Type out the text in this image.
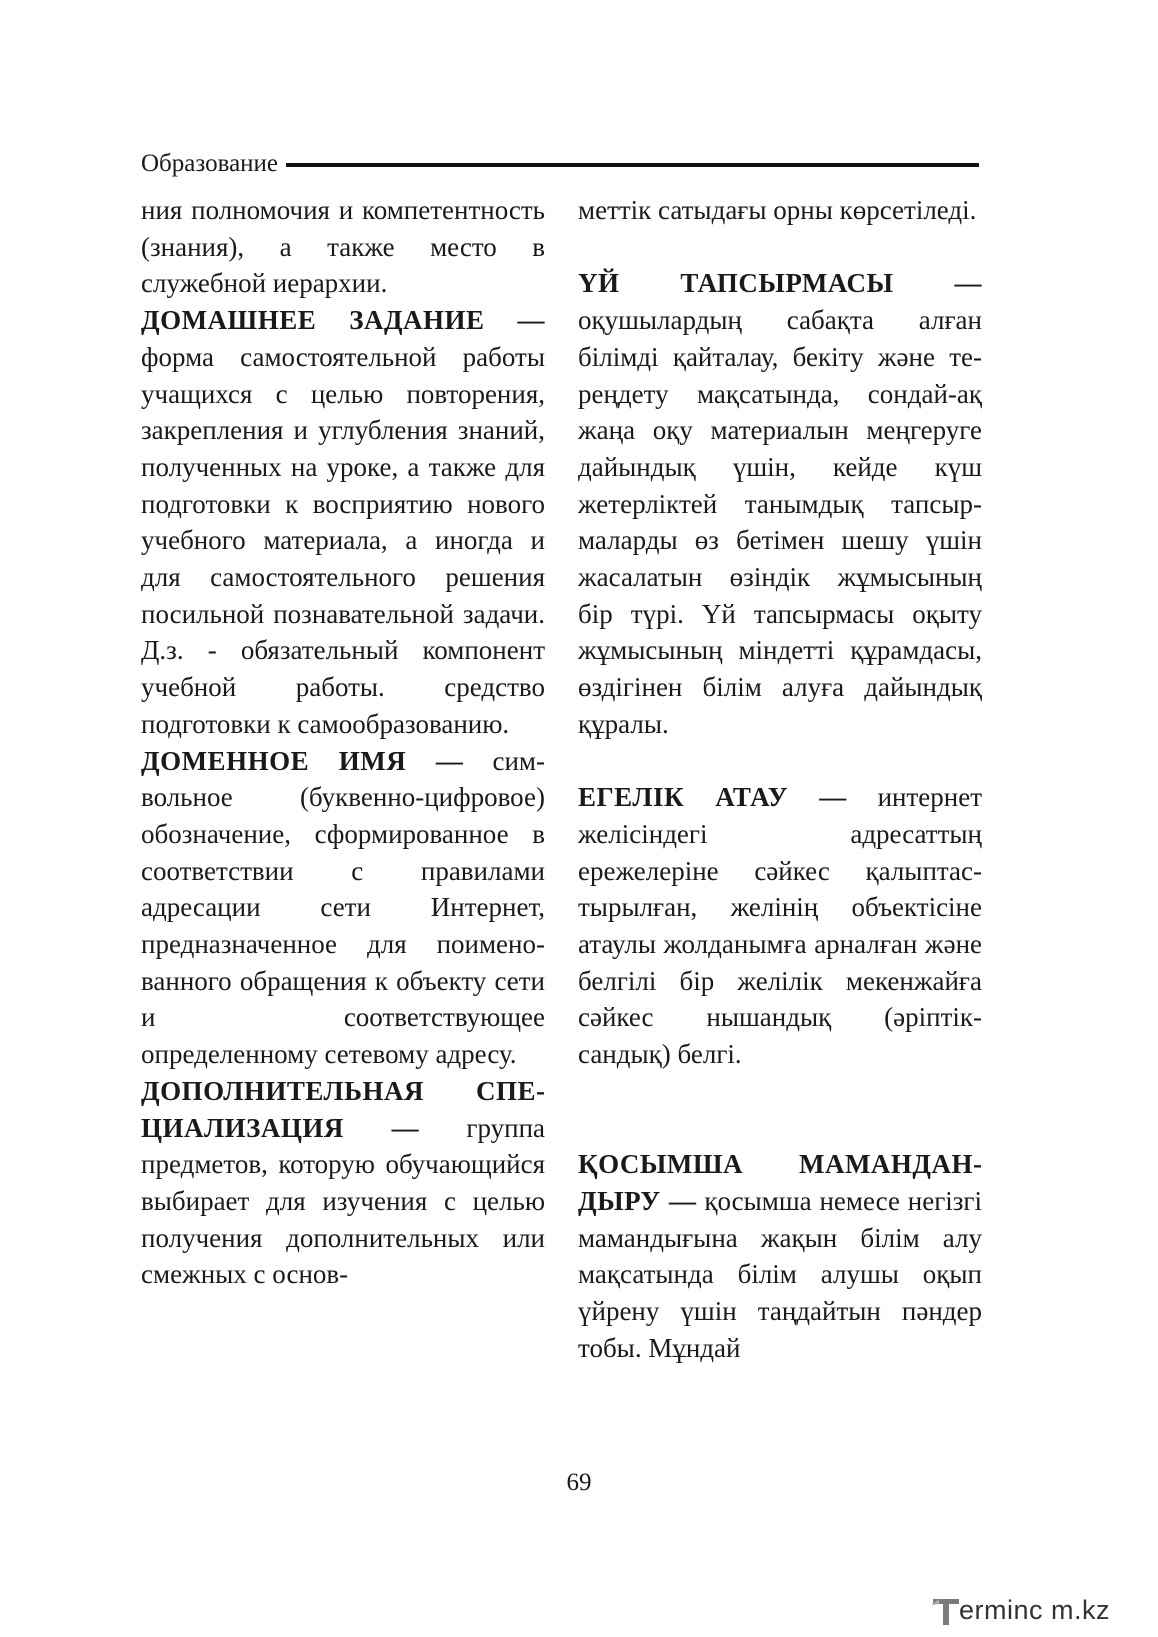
Образование

ния полномочия и компетентность (знания), а также место в служебной иерархии.

ДОМАШНЕЕ ЗАДАНИЕ — форма самостоятельной работы учащихся с целью повторения, закрепления и углубления знаний, полученных на уроке, а также для подготовки к восприятию нового учебного материала, а иногда и для самостоятельного решения посильной познавательной задачи. Д.з. - обязательный компонент учебной работы. средство подготовки к самообразованию.

ДОМЕННОЕ ИМЯ — символьное (буквенно-цифровое) обозначение, сформированное в соответствии с правилами адресации сети Интернет, предназначенное для поименованного обращения к объекту сети и соответствующее определенному сетевому адресу.

ДОПОЛНИТЕЛЬНАЯ СПЕЦИАЛИЗАЦИЯ — группа предметов, которую обучающийся выбирает для изучения с целью получения дополнительных или смежных с основ-

меттік сатыдағы орны көрсетіледі.

ҮЙ ТАПСЫРМАСЫ — оқушылардың сабақта алған білімді қайталау, бекіту және тереңдету мақсатында, сондай-ақ жаңа оқу материалын меңгеруге дайындық үшін, кейде күш жетерліктей танымдық тапсырмаларды өз бетімен шешу үшін жасалатын өзіндік жұмысының бір түрі. Үй тапсырмасы оқыту жұмысының міндетті құрамдасы, өздігінен білім алуға дайындық құралы.

ЕГЕЛІК АТАУ — интернет желісіндегі адресаттың ережелеріне сәйкес қалыптастырылған, желінің объектісіне атаулы жолданымға арналған және белгілі бір желілік мекенжайға сәйкес нышандық (әріптік-сандық) белгі.

ҚОСЫМША МАМАНДАНДЫРУ — қосымша немесе негізгі мамандығына жақын білім алу мақсатында білім алушы оқып үйрену үшін таңдайтын пәндер тобы. Мұндай

69
erminc m.kz
